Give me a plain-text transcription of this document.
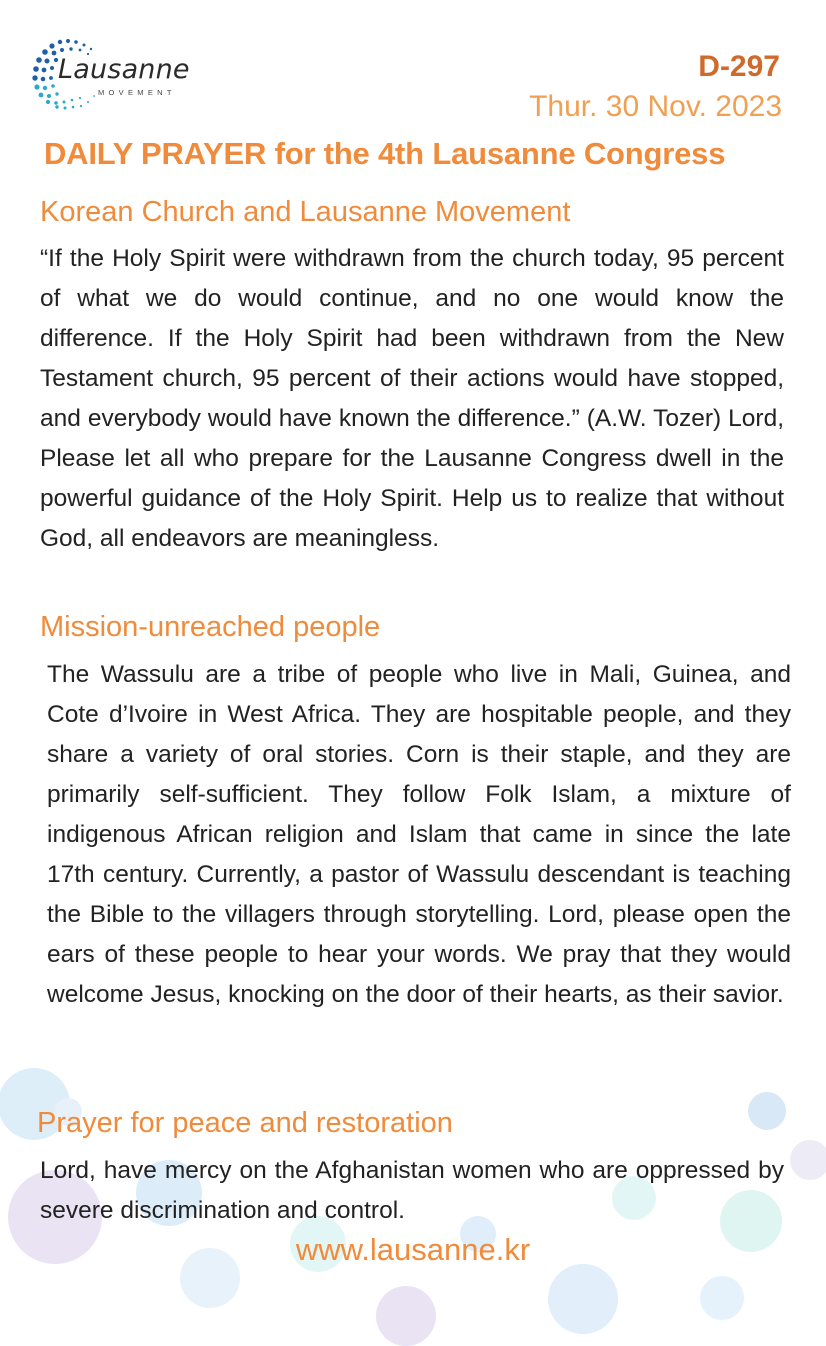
Lausanne
MOVEMENT
D-297
Thur. 30 Nov. 2023
DAILY PRAYER for the 4th Lausanne Congress
Korean Church and Lausanne Movement
“If the Holy Spirit were withdrawn from the church today, 95 percent of what we do would continue, and no one would know the difference. If the Holy Spirit had been withdrawn from the New Testament church, 95 percent of their actions would have stopped, and everybody would have known the difference.” (A.W. Tozer) Lord, Please let all who prepare for the Lausanne Congress dwell in the powerful guidance of the Holy Spirit. Help us to realize that without God, all endeavors are meaningless.
Mission-unreached people
The Wassulu are a tribe of people who live in Mali, Guinea, and Cote d’Ivoire in West Africa. They are hospitable people, and they share a variety of oral stories. Corn is their staple, and they are primarily self-sufficient. They follow Folk Islam, a mixture of indigenous African religion and Islam that came in since the late 17th century. Currently, a pastor of Wassulu descendant is teaching the Bible to the villagers through storytelling. Lord, please open the ears of these people to hear your words. We pray that they would welcome Jesus, knocking on the door of their hearts, as their savior.
Prayer for peace and restoration
Lord, have mercy on the Afghanistan women who are oppressed by severe discrimination and control.
www.lausanne.kr
